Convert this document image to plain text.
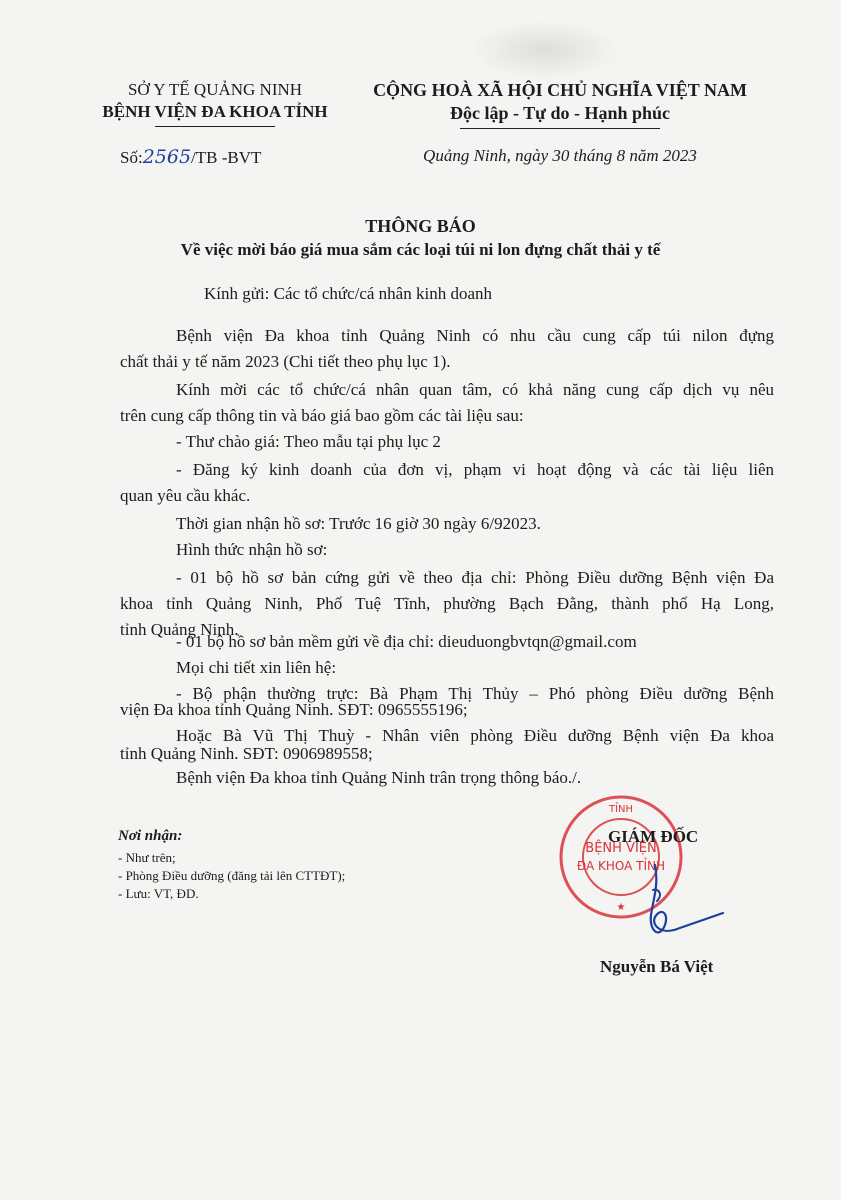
SỞ Y TẾ QUẢNG NINH
BỆNH VIỆN ĐA KHOA TỈNH
CỘNG HOÀ XÃ HỘI CHỦ NGHĨA VIỆT NAM
Độc lập - Tự do - Hạnh phúc
Số:2565/TB -BVT	Quảng Ninh, ngày 30 tháng 8 năm 2023
THÔNG BÁO
Về việc mời báo giá mua sắm các loại túi ni lon đựng chất thải y tế
Kính gửi: Các tổ chức/cá nhân kinh doanh
Bệnh viện Đa khoa tỉnh Quảng Ninh có nhu cầu cung cấp túi nilon đựng
chất thải y tế năm 2023 (Chi tiết theo phụ lục 1).
Kính mời các tổ chức/cá nhân quan tâm, có khả năng cung cấp dịch vụ nêu
trên cung cấp thông tin và báo giá bao gồm các tài liệu sau:
- Thư chào giá: Theo mẫu tại phụ lục 2
- Đăng ký kinh doanh của đơn vị, phạm vi hoạt động và các tài liệu liên
quan yêu cầu khác.
Thời gian nhận hồ sơ: Trước 16 giờ 30 ngày 6/92023.
Hình thức nhận hồ sơ:
- 01 bộ hồ sơ bản cứng gửi về theo địa chỉ: Phòng Điều dưỡng Bệnh viện Đa
khoa tỉnh Quảng Ninh, Phố Tuệ Tĩnh, phường Bạch Đằng, thành phố Hạ Long,
tỉnh Quảng Ninh.
- 01 bộ hồ sơ bản mềm gửi về địa chỉ: dieuduongbvtqn@gmail.com
Mọi chi tiết xin liên hệ:
- Bộ phận thường trực: Bà Phạm Thị Thủy – Phó phòng Điều dưỡng Bệnh
viện Đa khoa tỉnh Quảng Ninh. SĐT: 0965555196;
Hoặc Bà Vũ Thị Thuỳ - Nhân viên phòng Điều dưỡng Bệnh viện Đa khoa
tỉnh Quảng Ninh. SĐT: 0906989558;
Bệnh viện Đa khoa tỉnh Quảng Ninh trân trọng thông báo./.
Nơi nhận:
- Như trên;
- Phòng Điều dưỡng (đăng tải lên CTTĐT);
- Lưu: VT, ĐD.
TỈNH
BỆNH VIỆN
ĐA KHOA TỈNH
★
GIÁM ĐỐC
Nguyễn Bá Việt
